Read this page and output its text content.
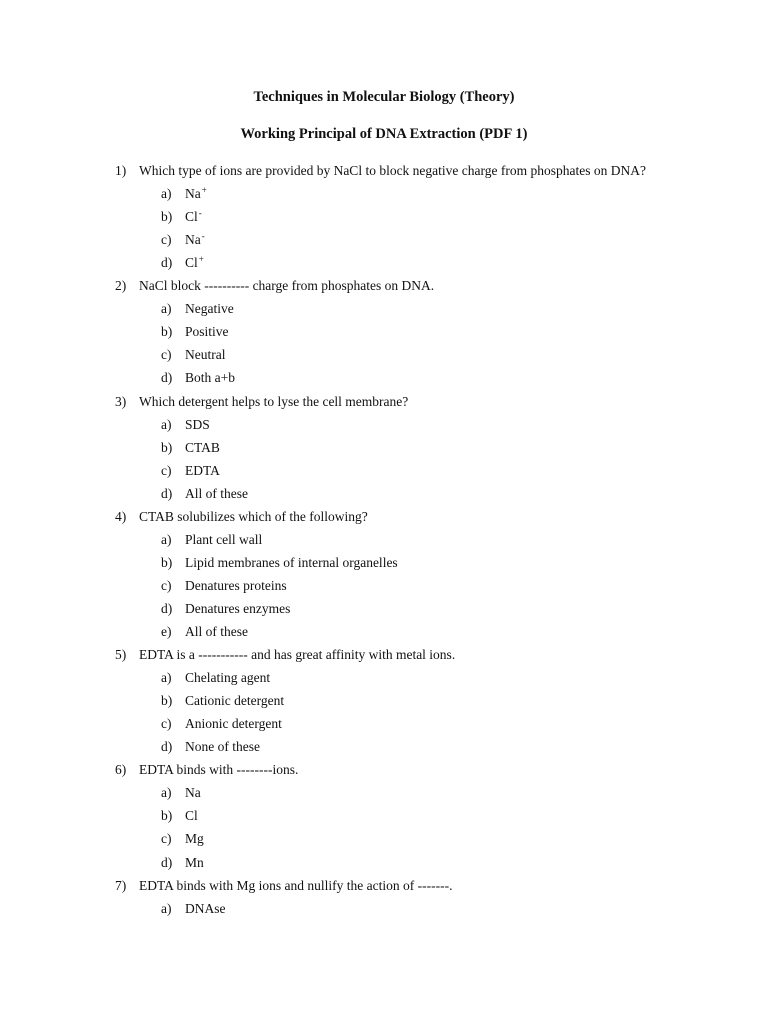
Techniques in Molecular Biology (Theory)
Working Principal of DNA Extraction (PDF 1)
1) Which type of ions are provided by NaCl to block negative charge from phosphates on DNA?
a) Na+
b) Cl-
c) Na-
d) Cl+
2) NaCl block ---------- charge from phosphates on DNA.
a) Negative
b) Positive
c) Neutral
d) Both a+b
3) Which detergent helps to lyse the cell membrane?
a) SDS
b) CTAB
c) EDTA
d) All of these
4) CTAB solubilizes which of the following?
a) Plant cell wall
b) Lipid membranes of internal organelles
c) Denatures proteins
d) Denatures enzymes
e) All of these
5) EDTA is a ----------- and has great affinity with metal ions.
a) Chelating agent
b) Cationic detergent
c) Anionic detergent
d) None of these
6) EDTA binds with --------ions.
a) Na
b) Cl
c) Mg
d) Mn
7) EDTA binds with Mg ions and nullify the action of -------.
a) DNAse
